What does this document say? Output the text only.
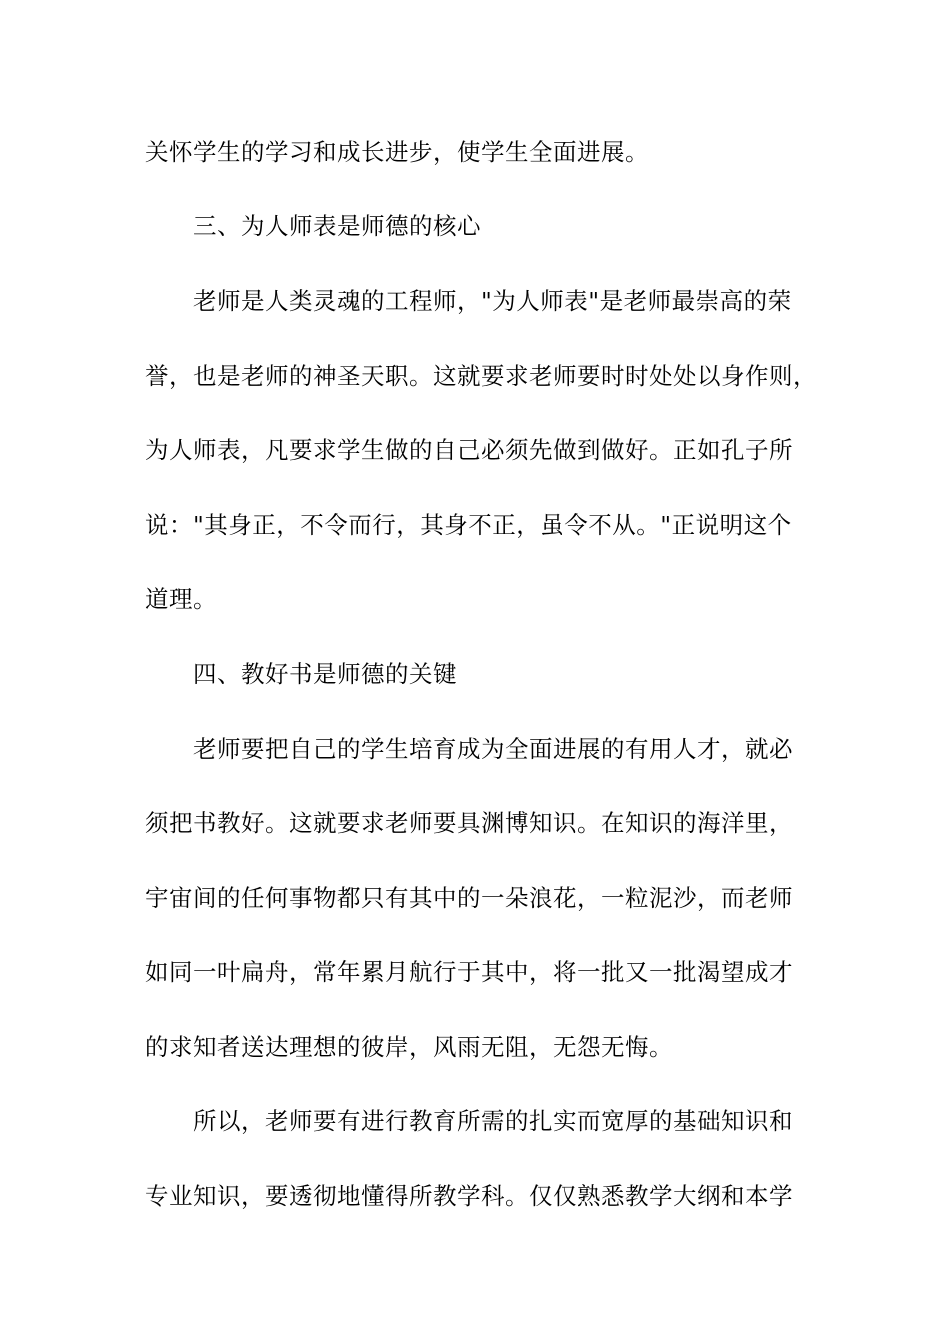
关怀学生的学习和成长进步，使学生全面进展。
三、为人师表是师德的核心
老师是人类灵魂的工程师，"为人师表"是老师最崇高的荣
誉，也是老师的神圣天职。这就要求老师要时时处处以身作则，
为人师表，凡要求学生做的自己必须先做到做好。正如孔子所
说："其身正，不令而行，其身不正，虽令不从。"正说明这个
道理。
四、教好书是师德的关键
老师要把自己的学生培育成为全面进展的有用人才，就必
须把书教好。这就要求老师要具渊博知识。在知识的海洋里，
宇宙间的任何事物都只有其中的一朵浪花，一粒泥沙，而老师
如同一叶扁舟，常年累月航行于其中，将一批又一批渴望成才
的求知者送达理想的彼岸，风雨无阻，无怨无悔。
所以，老师要有进行教育所需的扎实而宽厚的基础知识和
专业知识，要透彻地懂得所教学科。仅仅熟悉教学大纲和本学
